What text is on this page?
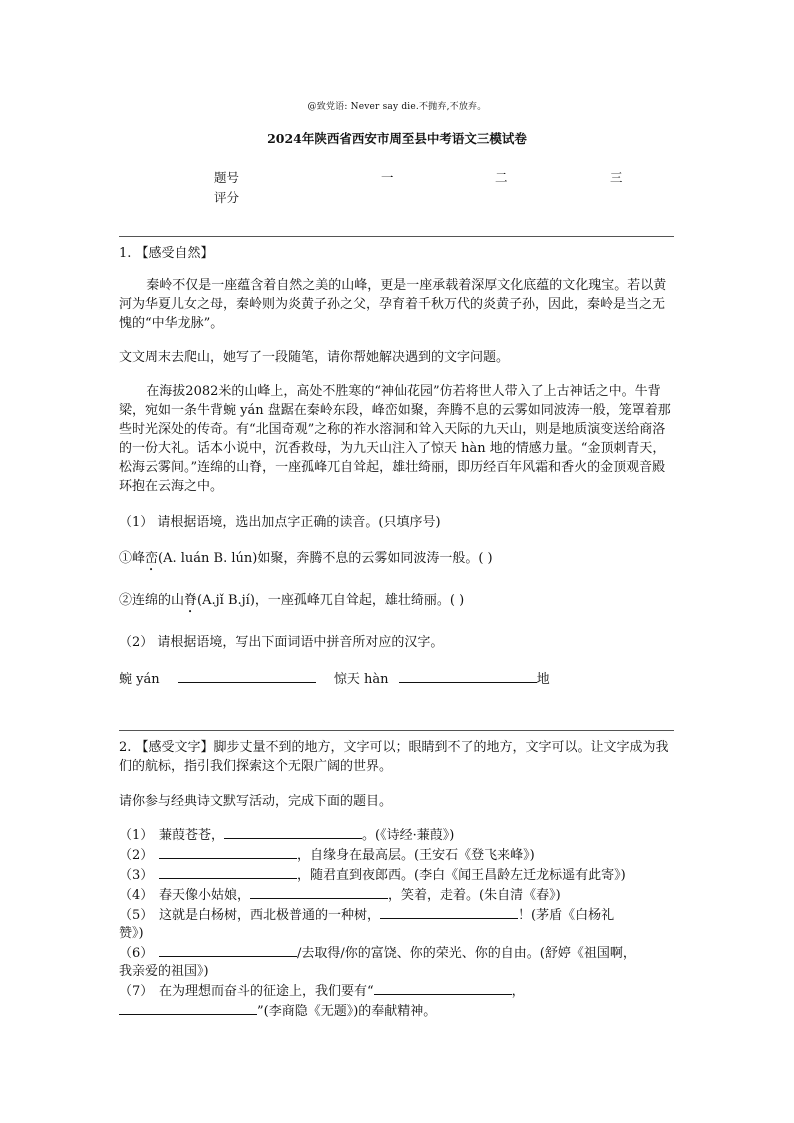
@致党语: Never say die.不抛弃,不放弃。
2024年陕西省西安市周至县中考语文三模试卷
题号	一	二	三
评分

1. 【感受自然】

秦岭不仅是一座蕴含着自然之美的山峰，更是一座承载着深厚文化底蕴的文化瑰宝。若以黄河为华夏儿女之母，秦岭则为炎黄子孙之父，孕育着千秋万代的炎黄子孙，因此，秦岭是当之无愧的“中华龙脉”。

文文周末去爬山，她写了一段随笔，请你帮她解决遇到的文字问题。

在海拔2082米的山峰上，高处不胜寒的“神仙花园”仿若将世人带入了上古神话之中。牛背梁，宛如一条牛背蜿 yán 盘踞在秦岭东段，峰峦如聚，奔腾不息的云雾如同波涛一般，笼罩着那些时光深处的传奇。有“北国奇观”之称的祚水溶洞和耸入天际的九天山，则是地质演变送给商洛的一份大礼。话本小说中，沉香救母，为九天山注入了惊天 hàn 地的情感力量。“金顶刺青天，松海云雾间。”连绵的山脊，一座孤峰兀自耸起，雄壮绮丽，即历经百年风霜和香火的金顶观音殿环抱在云海之中。

（1） 请根据语境，选出加点字正确的读音。(只填序号)

①峰峦(A. luán B. lún)如聚，奔腾不息的云雾如同波涛一般。( )

②连绵的山脊(A.jǐ B.jí)，一座孤峰兀自耸起，雄壮绮丽。( )

（2） 请根据语境，写出下面词语中拼音所对应的汉字。

蜿 yán	惊天 hàn	地

2. 【感受文字】脚步丈量不到的地方，文字可以；眼睛到不了的地方，文字可以。让文字成为我们的航标，指引我们探索这个无限广阔的世界。

请你参与经典诗文默写活动，完成下面的题目。

（1） 蒹葭苍苍，	。(《诗经·蒹葭》)

（2）	，自缘身在最高层。(王安石《登飞来峰》)

（3）	，随君直到夜郎西。(李白《闻王昌龄左迁龙标遥有此寄》)

（4） 春天像小姑娘，	，笑着，走着。(朱自清《春》)

（5） 这就是白杨树，西北极普通的一种树，	！(茅盾《白杨礼
赞》)

（6）	/去取得/你的富饶、你的荣光、你的自由。(舒婷《祖国啊，
我亲爱的祖国》)

（7） 在为理想而奋斗的征途上，我们要有“	，
”(李商隐《无题》)的奉献精神。
